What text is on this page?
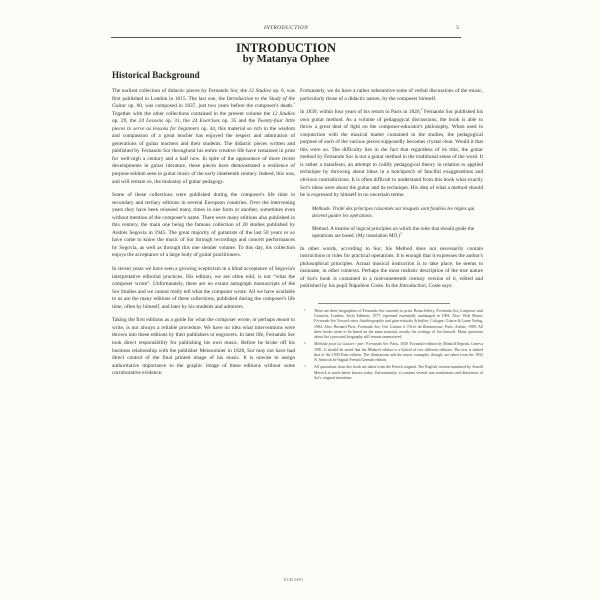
INTRODUCTION	5
INTRODUCTION
by Matanya Ophee
Historical Background

The earliest collection of didactic pieces by Fernando Sor, the 12 Studies op. 6, was first published in London in 1815. The last one, the Introduction to the Study of the Guitar op. 60, was composed in 1837, just two years before the composer's death.$^1$ Together with the other collections contained in the present volume the 12 Studies op. 29, the 24 Lessons op. 31, the 24 Exercises op. 35 and the Twenty-four little pieces to serve as lessons for beginners op. 44, this material so rich in the wisdom and compassion of a great teacher has enjoyed the respect and admiration of generations of guitar teachers and their students. The didactic pieces written and published by Fernando Sor throughout his entire creative life have remained in print for well-nigh a century and a half now. In spite of the appearance of more recent developments in guitar literature, these pieces have demonstrated a resilience of purpose seldom seen in guitar music of the early nineteenth century. Indeed, this was, and will remain so, the mainstay of guitar pedagogy.

Some of these collections were published during the composer's life time in secondary and tertiary editions in several European countries. Over the intervening years they have been reissued many times in one form or another, sometimes even without mention of the composer's name. There were many editions also published in this century, the main one being the famous collection of 20 studies published by Andrés Segovia in 1945. The great majority of guitarists of the last 50 years or so have come to know the music of Sor through recordings and concert performances by Segovia, as well as through this one slender volume. To this day, his collection enjoys the acceptance of a large body of guitar practitioners.

In recent years we have seen a growing scepticism in a blind acceptance of Segovia's interpretative editorial practices. His edition, we are often told, is not “what the composer wrote”. Unfortunately, there are no extant autograph manuscripts of the Sor Studies and we cannot really tell what the composer wrote. All we have available to us are the many editions of these collections, published during the composer's life time, often by himself, and later by his students and admirers.

Taking the first editions as a guide for what the composer wrote, or perhaps meant to write, is not always a reliable procedure. We have no idea what interventions were thrown into these editions by their publishers or engravers. In later life, Fernando Sor took direct responsibility for publishing his own music. Before he broke off his business relationship with the publisher Meissonnier in 1828, Sor may not have had direct control of the final printed image of his music. It is unwise to assign authoritative importance to the graphic image of these editions without some corroborative evidence.

Fortunately, we do have a rather substantive tome of verbal discussions of the music, particularly those of a didactic nature, by the composer himself.

In 1830, within four years of his return to Paris in 1826,$^2$ Fernando Sor published his own guitar method. As a volume of pedagogical discussions, the book is able to throw a great deal of light on the composer-educator's philosophy. When used in conjunction with the musical matter contained in the studies, the pedagogical purpose of each of the various pieces supposedly becomes crystal clear. Would it that this were so. The difficulty lies in the fact that regardless of its title, the guitar method by Fernando Sor is not a guitar method in the traditional sense of the word. It is rather a manifesto, an attempt to codify pedagogical theory in relation to applied technique by throwing about ideas in a hotchpotch of fanciful exaggerations and obvious contradictions. It is often difficult to understand from this book what exactly Sor's ideas were about the guitar and its technique. His idea of what a method should be is expressed by himself in no uncertain terms:

Méthode. Traité des principes raisonnés sur lesquels sont fondées les règles qui doivent guider les opérations.

Method. A treatise of logical principles on which the rules that should guide the operations are based. (My translation MO.)$^3$

In other words, according to Sor, his Method does not necessarily contain instructions or rules for practical operations. It is enough that it expresses the author's philosophical principles. Actual musical instruction is to take place, he seems to insinuate, in other contexts. Perhaps the most realistic description of the true nature of Sor's book is contained in a mid-nineteenth century version of it, edited and published by his pupil Napoléon Coste. In the Introduction, Coste says:

1 There are three biographies of Fernando Sor currently in print. Brian Jeffery, Fernando Sor, Composer and Guitarist, London, Tecla Editions, 1977, reprinted essentially unchanged in 1994. Also: Wolf Moser, Fernando Sor Versuch einer Autobiographie und gitarristische Schriften, Cologne, Gitarre & Laute Verlag, 1984. Also: Bernard Piris, Fernando Sor, Une Guitare à l'Orée du Romantisme, Paris, Aubier, 1989. All three books seem to be based on the same material, mostly the writings of Sor himself. Many questions about Sor's personal biography still remain unanswered.
2 Méthode pour La Guitare / par / Fernando Sor, Paris, 1830. Facsimile edition by Minkoff Reprint, Geneva 1981. It should be noted that the Minkoff edition is a hybrid of two different editions. The text is indeed that of the 1830 Paris edition. The illustrations and the music examples, though, are taken from the 1832 N. Simrock bi-lingual French/German edition.
3 All quotations from this book are taken from the French original. The English version translated by Arnold Merrick is much better known today. Unfortunately, it contains several mis-translations and distortions of Sor's original intentions.
ECH 0491
